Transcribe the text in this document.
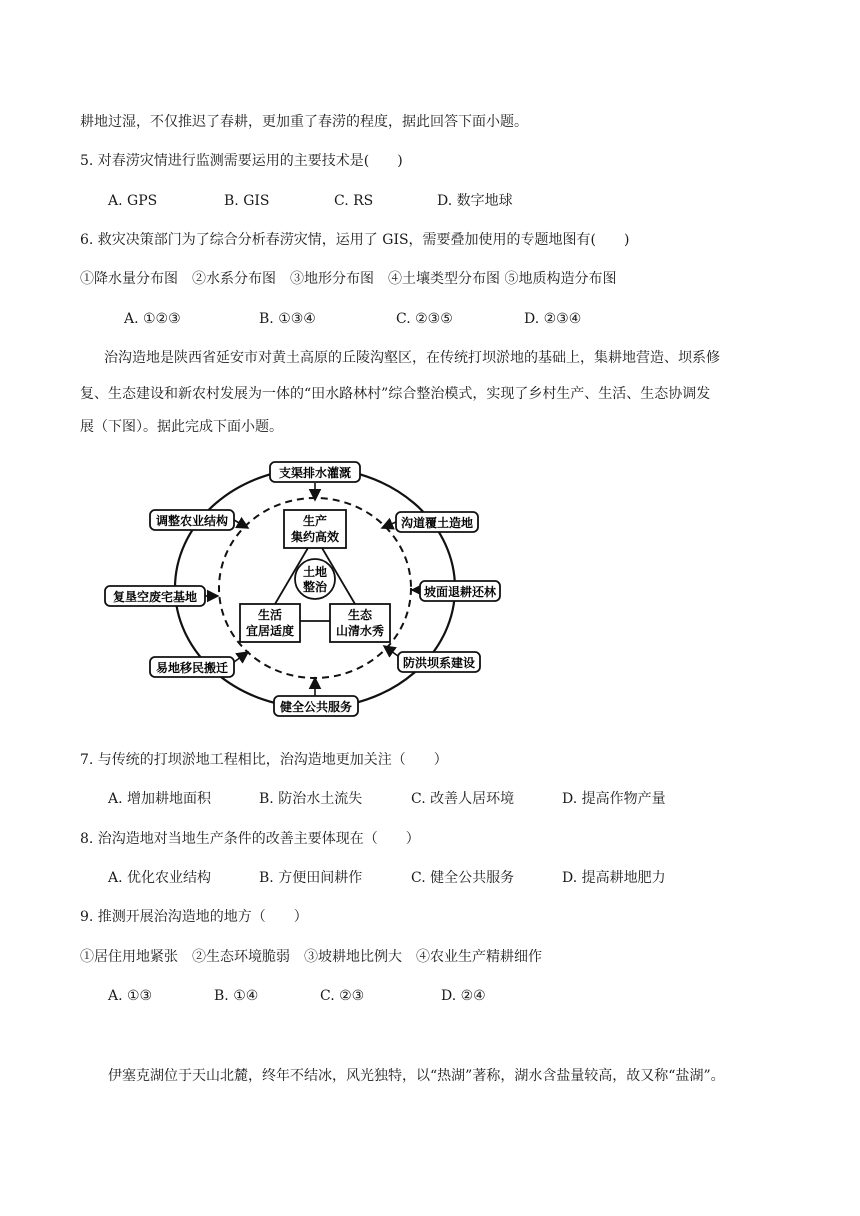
耕地过湿，不仅推迟了春耕，更加重了春涝的程度，据此回答下面小题。
5. 对春涝灾情进行监测需要运用的主要技术是(　　)
A. GPS	B. GIS	C. RS	D. 数字地球
6. 救灾决策部门为了综合分析春涝灾情，运用了 GIS，需要叠加使用的专题地图有(　　)
①降水量分布图　②水系分布图　③地形分布图　④土壤类型分布图 ⑤地质构造分布图
A. ①②③	B. ①③④	C. ②③⑤	D. ②③④
治沟造地是陕西省延安市对黄土高原的丘陵沟壑区，在传统打坝淤地的基础上，集耕地营造、坝系修
复、生态建设和新农村发展为一体的“田水路林村”综合整治模式，实现了乡村生产、生活、生态协调发
展（下图）。据此完成下面小题。
土地
整治
生产
集约高效
生活
宜居适度
生态
山清水秀
支渠排水灌溉
沟道覆土造地
坡面退耕还林
防洪坝系建设
健全公共服务
易地移民搬迁
复垦空废宅基地
调整农业结构
7. 与传统的打坝淤地工程相比，治沟造地更加关注（　　）
A. 增加耕地面积	B. 防治水土流失	C. 改善人居环境	D. 提高作物产量
8. 治沟造地对当地生产条件的改善主要体现在（　　）
A. 优化农业结构	B. 方便田间耕作	C. 健全公共服务	D. 提高耕地肥力
9. 推测开展治沟造地的地方（　　）
①居住用地紧张　②生态环境脆弱　③坡耕地比例大　④农业生产精耕细作
A. ①③	B. ①④	C. ②③	D. ②④
伊塞克湖位于天山北麓，终年不结冰，风光独特，以“热湖”著称，湖水含盐量较高，故又称“盐湖”。
